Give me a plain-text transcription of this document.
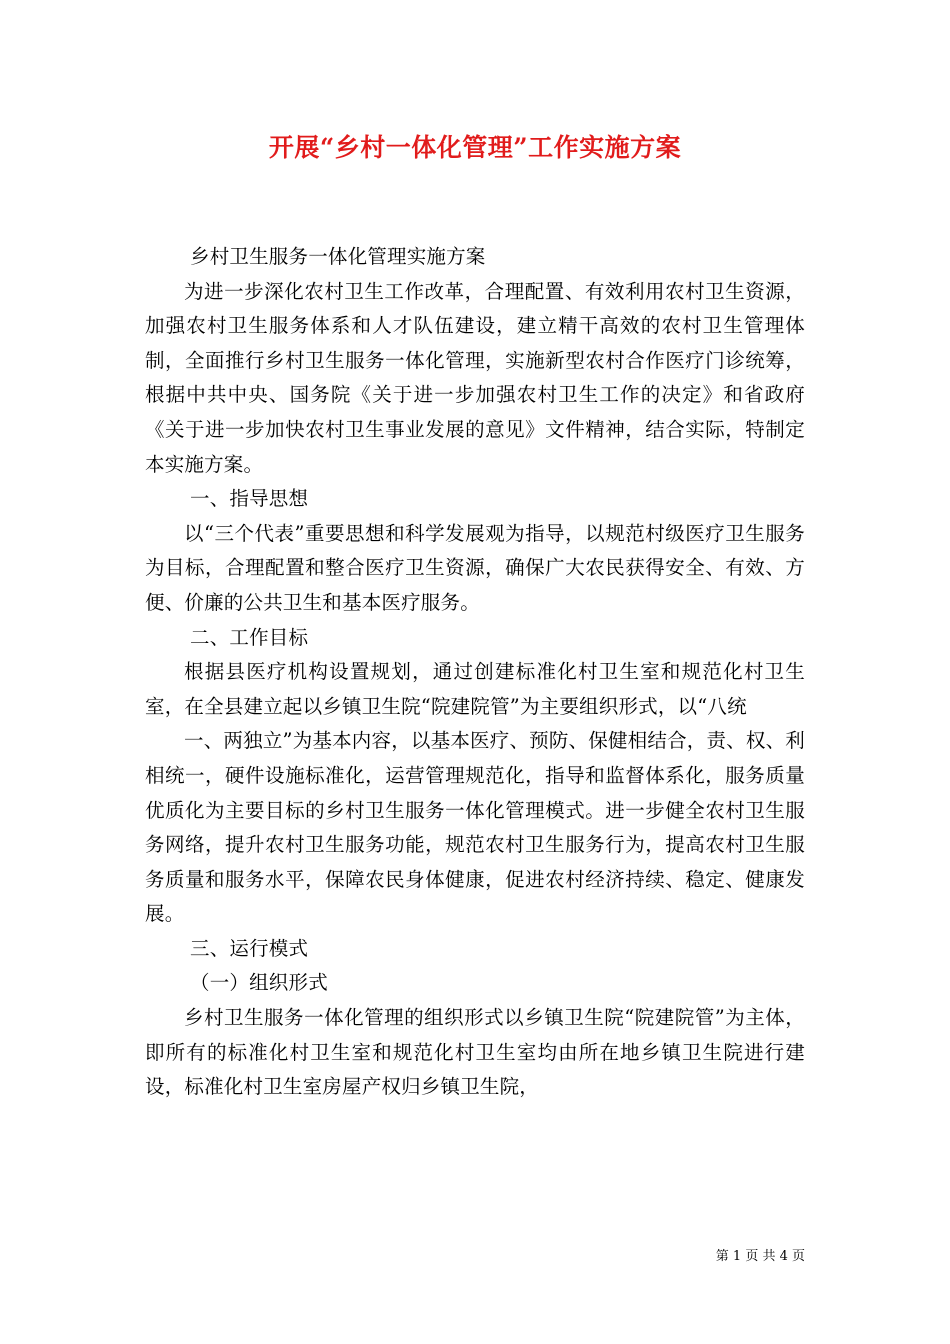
开展“乡村一体化管理”工作实施方案

乡村卫生服务一体化管理实施方案

为进一步深化农村卫生工作改革，合理配置、有效利用农村卫生资源，加强农村卫生服务体系和人才队伍建设，建立精干高效的农村卫生管理体制，全面推行乡村卫生服务一体化管理，实施新型农村合作医疗门诊统筹，根据中共中央、国务院《关于进一步加强农村卫生工作的决定》和省政府《关于进一步加快农村卫生事业发展的意见》文件精神，结合实际，特制定本实施方案。

一、指导思想

以“三个代表”重要思想和科学发展观为指导，以规范村级医疗卫生服务为目标，合理配置和整合医疗卫生资源，确保广大农民获得安全、有效、方便、价廉的公共卫生和基本医疗服务。

二、工作目标

根据县医疗机构设置规划，通过创建标准化村卫生室和规范化村卫生室，在全县建立起以乡镇卫生院“院建院管”为主要组织形式，以“八统

一、两独立”为基本内容，以基本医疗、预防、保健相结合，责、权、利相统一，硬件设施标准化，运营管理规范化，指导和监督体系化，服务质量优质化为主要目标的乡村卫生服务一体化管理模式。进一步健全农村卫生服务网络，提升农村卫生服务功能，规范农村卫生服务行为，提高农村卫生服务质量和服务水平，保障农民身体健康，促进农村经济持续、稳定、健康发展。

三、运行模式

（一）组织形式

乡村卫生服务一体化管理的组织形式以乡镇卫生院“院建院管”为主体，即所有的标准化村卫生室和规范化村卫生室均由所在地乡镇卫生院进行建设，标准化村卫生室房屋产权归乡镇卫生院，

第 1 页 共 4 页
